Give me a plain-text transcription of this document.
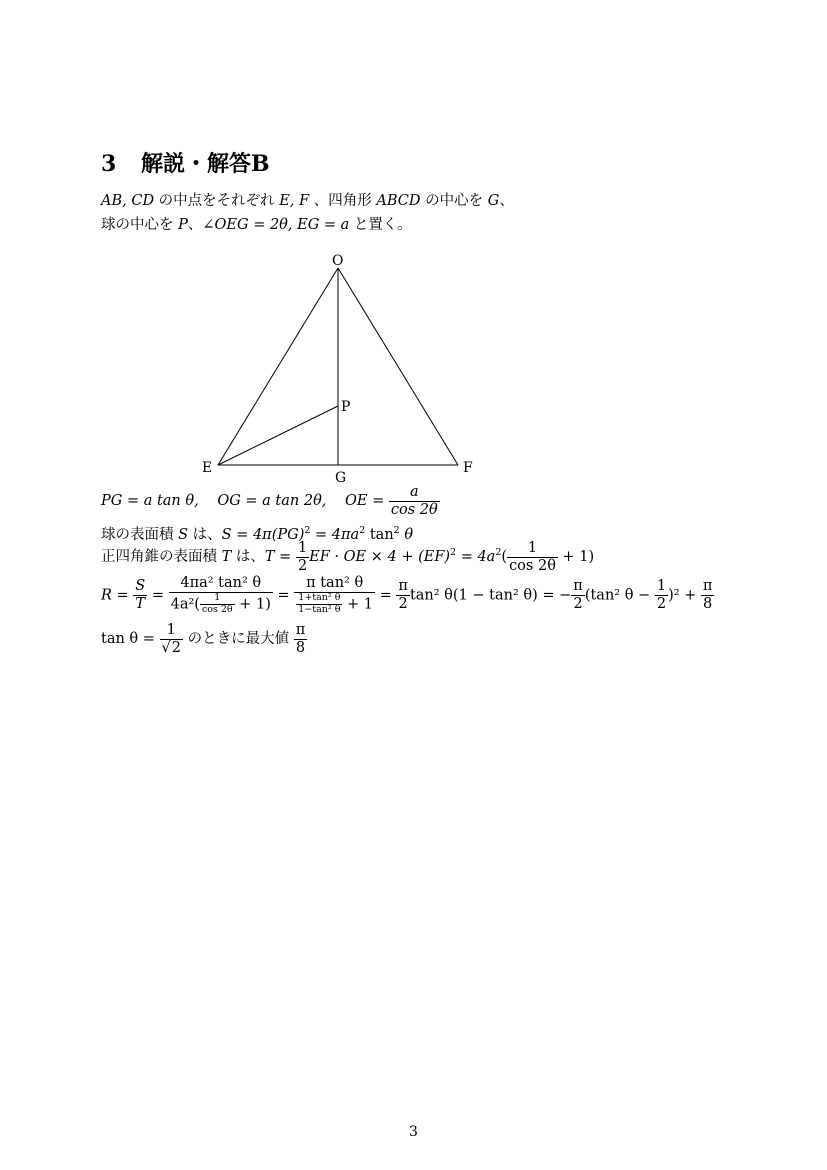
3 解説・解答B
AB, CD の中点をそれぞれ E, F 、四角形 ABCD の中心を G、
球の中心を P、∠OEG = 2θ, EG = a と置く。
O
P
E
G
F
PG = a tan θ, OG = a tan 2θ, OE = $\frac{a}{\cos 2\theta}$
球の表面積 S は、$S = 4\pi(PG)^2 = 4\pi a^2$ $\tan^2 \theta$
正四角錐の表面積 T は、$T = \frac{1}{2}$ EF · OE × $4 + (EF)^2 = 4a^2( \frac{1}{\cos 2\theta} + 1)$
$R = \frac{S}{T} = \frac{\text{4πa² tan² θ}}{4a^2( \frac{1}{\cos 2\theta} + 1)} = \frac{\text{π tan² θ}}{\frac{\text{1+tan² θ}}{\text{1−tan² θ}} + 1} = \frac{\pi}{2} \tan^2$ θ(1 − tan² θ) = − $\frac{\pi}{2} (\tan^2$ $\theta - \frac{1}{2} )^2 + \frac{\pi}{8}$
$\tan \theta = \frac{1}{√2}$ のときに最大値 $\frac{\pi}{8}$
3
